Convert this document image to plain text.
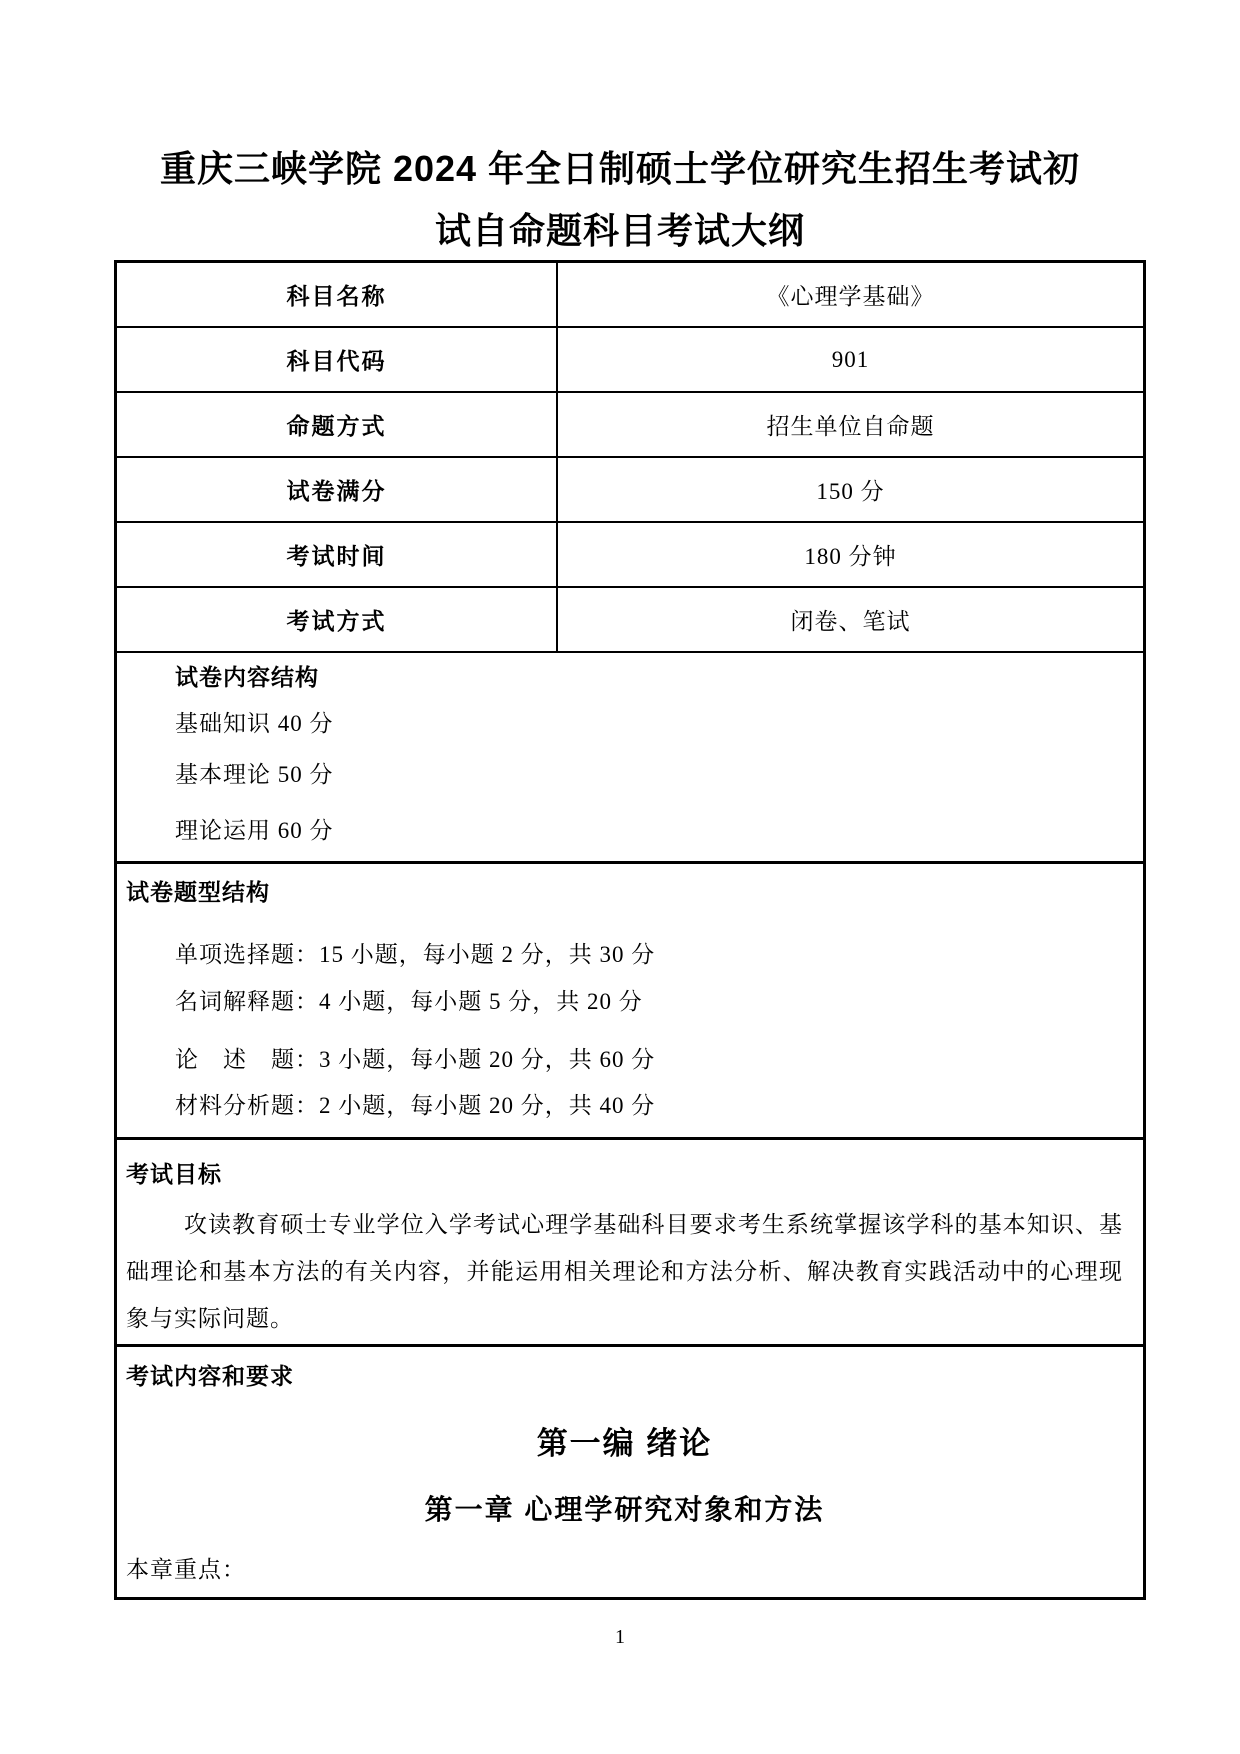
重庆三峡学院 2024 年全日制硕士学位研究生招生考试初
试自命题科目考试大纲
科目名称	《心理学基础》
科目代码	901
命题方式	招生单位自命题
试卷满分	150 分
考试时间	180 分钟
考试方式	闭卷、笔试
试卷内容结构
基础知识 40 分
基本理论 50 分
理论运用 60 分
试卷题型结构
单项选择题：15 小题，每小题 2 分，共 30 分
名词解释题：4 小题，每小题 5 分，共 20 分
论　述　题：3 小题，每小题 20 分，共 60 分
材料分析题：2 小题，每小题 20 分，共 40 分
考试目标
攻读教育硕士专业学位入学考试心理学基础科目要求考生系统掌握该学科的基本知识、基础理论和基本方法的有关内容，并能运用相关理论和方法分析、解决教育实践活动中的心理现象与实际问题。
考试内容和要求
第一编 绪论
第一章 心理学研究对象和方法
本章重点：
1
